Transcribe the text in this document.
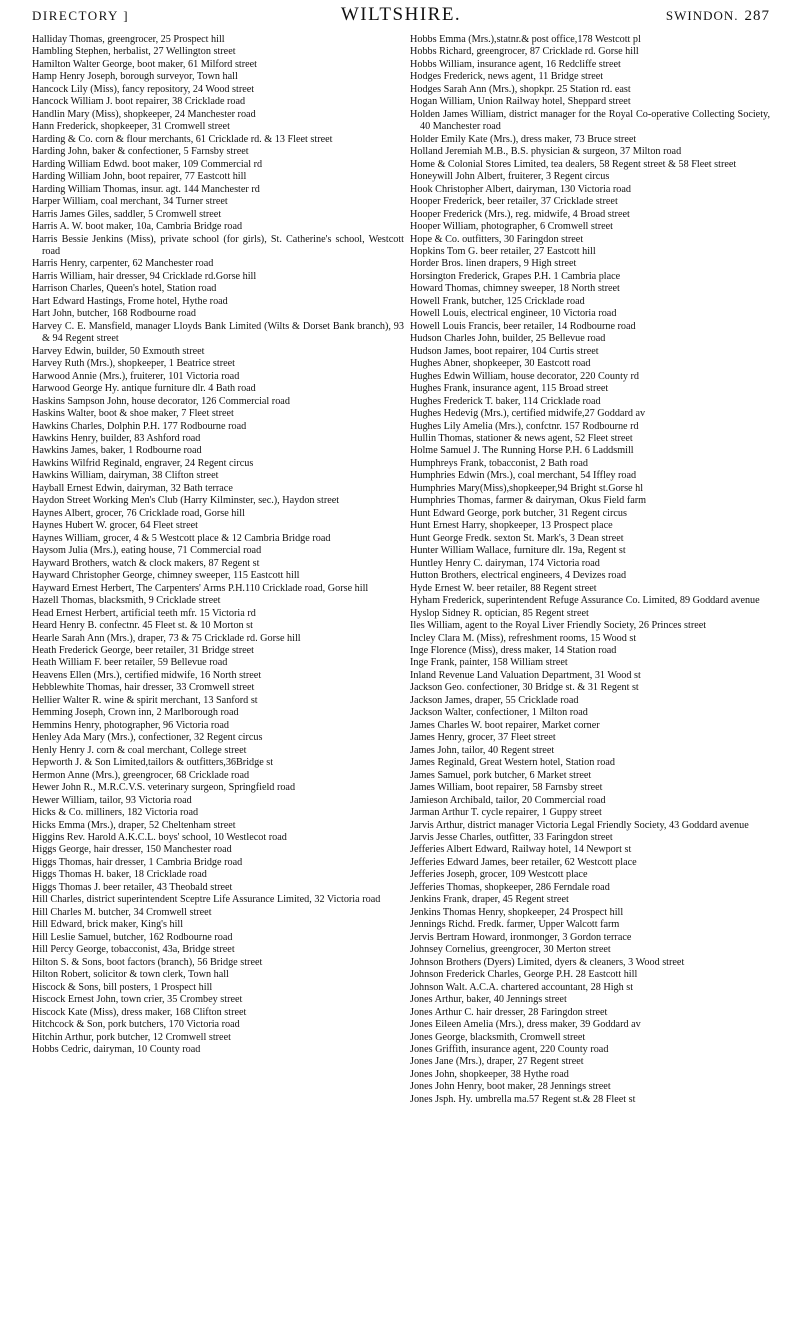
DIRECTORY ]	WILTSHIRE.	SWINDON. 287
Halliday Thomas, greengrocer, 25 Prospect hill
Hambling Stephen, herbalist, 27 Wellington street
Hamilton Walter George, boot maker, 61 Milford street
Hamp Henry Joseph, borough surveyor, Town hall
Hancock Lily (Miss), fancy repository, 24 Wood street
Hancock William J. boot repairer, 38 Cricklade road
Handlin Mary (Miss), shopkeeper, 24 Manchester road
Hann Frederick, shopkeeper, 31 Cromwell street
Harding & Co. corn & flour merchants, 61 Cricklade rd. & 13 Fleet street
Harding John, baker & confectioner, 5 Farnsby street
Harding William Edwd. boot maker, 109 Commercial rd
Harding William John, boot repairer, 77 Eastcott hill
Harding William Thomas, insur. agt. 144 Manchester rd
Harper William, coal merchant, 34 Turner street
Harris James Giles, saddler, 5 Cromwell street
Harris A. W. boot maker, 10a, Cambria Bridge road
Harris Bessie Jenkins (Miss), private school (for girls), St. Catherine's school, Westcott road
Harris Henry, carpenter, 62 Manchester road
Harris William, hair dresser, 94 Cricklade rd.Gorse hill
Harrison Charles, Queen's hotel, Station road
Hart Edward Hastings, Frome hotel, Hythe road
Hart John, butcher, 168 Rodbourne road
Harvey C. E. Mansfield, manager Lloyds Bank Limited (Wilts & Dorset Bank branch), 93 & 94 Regent street
Harvey Edwin, builder, 50 Exmouth street
Harvey Ruth (Mrs.), shopkeeper, 1 Beatrice street
Harwood Annie (Mrs.), fruiterer, 101 Victoria road
Harwood George Hy. antique furniture dlr. 4 Bath road
Haskins Sampson John, house decorator, 126 Commercial road
Haskins Walter, boot & shoe maker, 7 Fleet street
Hawkins Charles, Dolphin P.H. 177 Rodbourne road
Hawkins Henry, builder, 83 Ashford road
Hawkins James, baker, 1 Rodbourne road
Hawkins Wilfrid Reginald, engraver, 24 Regent circus
Hawkins William, dairyman, 38 Clifton street
Hayball Ernest Edwin, dairyman, 32 Bath terrace
Haydon Street Working Men's Club (Harry Kilminster, sec.), Haydon street
Haynes Albert, grocer, 76 Cricklade road, Gorse hill
Haynes Hubert W. grocer, 64 Fleet street
Haynes William, grocer, 4 & 5 Westcott place & 12 Cambria Bridge road
Haysom Julia (Mrs.), eating house, 71 Commercial road
Hayward Brothers, watch & clock makers, 87 Regent st
Hayward Christopher George, chimney sweeper, 115 Eastcott hill
Hayward Ernest Herbert, The Carpenters' Arms P.H.110 Cricklade road, Gorse hill
Hazell Thomas, blacksmith, 9 Cricklade street
Head Ernest Herbert, artificial teeth mfr. 15 Victoria rd
Heard Henry B. confectnr. 45 Fleet st. & 10 Morton st
Hearle Sarah Ann (Mrs.), draper, 73 & 75 Cricklade rd. Gorse hill
Heath Frederick George, beer retailer, 31 Bridge street
Heath William F. beer retailer, 59 Bellevue road
Heavens Ellen (Mrs.), certified midwife, 16 North street
Hebblewhite Thomas, hair dresser, 33 Cromwell street
Hellier Walter R. wine & spirit merchant, 13 Sanford st
Hemming Joseph, Crown inn, 2 Marlborough road
Hemmins Henry, photographer, 96 Victoria road
Henley Ada Mary (Mrs.), confectioner, 32 Regent circus
Henly Henry J. corn & coal merchant, College street
Hepworth J. & Son Limited,tailors & outfitters,36Bridge st
Hermon Anne (Mrs.), greengrocer, 68 Cricklade road
Hewer John R., M.R.C.V.S. veterinary surgeon, Springfield road
Hewer William, tailor, 93 Victoria road
Hicks & Co. milliners, 182 Victoria road
Hicks Emma (Mrs.), draper, 52 Cheltenham street
Higgins Rev. Harold A.K.C.L. boys' school, 10 Westlecot road
Higgs George, hair dresser, 150 Manchester road
Higgs Thomas, hair dresser, 1 Cambria Bridge road
Higgs Thomas H. baker, 18 Cricklade road
Higgs Thomas J. beer retailer, 43 Theobald street
Hill Charles, district superintendent Sceptre Life Assurance Limited, 32 Victoria road
Hill Charles M. butcher, 34 Cromwell street
Hill Edward, brick maker, King's hill
Hill Leslie Samuel, butcher, 162 Rodbourne road
Hill Percy George, tobacconist, 43a, Bridge street
Hilton S. & Sons, boot factors (branch), 56 Bridge street
Hilton Robert, solicitor & town clerk, Town hall
Hiscock & Sons, bill posters, 1 Prospect hill
Hiscock Ernest John, town crier, 35 Crombey street
Hiscock Kate (Miss), dress maker, 168 Clifton street
Hitchcock & Son, pork butchers, 170 Victoria road
Hitchin Arthur, pork butcher, 12 Cromwell street
Hobbs Cedric, dairyman, 10 County road
Hobbs Emma (Mrs.),statnr.& post office,178 Westcott pl
Hobbs Richard, greengrocer, 87 Cricklade rd. Gorse hill
Hobbs William, insurance agent, 16 Redcliffe street
Hodges Frederick, news agent, 11 Bridge street
Hodges Sarah Ann (Mrs.), shopkpr. 25 Station rd. east
Hogan William, Union Railway hotel, Sheppard street
Holden James William, district manager for the Royal Co-operative Collecting Society, 40 Manchester road
Holder Emily Kate (Mrs.), dress maker, 73 Bruce street
Holland Jeremiah M.B., B.S. physician & surgeon, 37 Milton road
Home & Colonial Stores Limited, tea dealers, 58 Regent street & 58 Fleet street
Honeywill John Albert, fruiterer, 3 Regent circus
Hook Christopher Albert, dairyman, 130 Victoria road
Hooper Frederick, beer retailer, 37 Cricklade street
Hooper Frederick (Mrs.), reg. midwife, 4 Broad street
Hooper William, photographer, 6 Cromwell street
Hope & Co. outfitters, 30 Faringdon street
Hopkins Tom G. beer retailer, 27 Eastcott hill
Horder Bros. linen drapers, 9 High street
Horsington Frederick, Grapes P.H. 1 Cambria place
Howard Thomas, chimney sweeper, 18 North street
Howell Frank, butcher, 125 Cricklade road
Howell Louis, electrical engineer, 10 Victoria road
Howell Louis Francis, beer retailer, 14 Rodbourne road
Hudson Charles John, builder, 25 Bellevue road
Hudson James, boot repairer, 104 Curtis street
Hughes Abner, shopkeeper, 30 Eastcott road
Hughes Edwin William, house decorator, 220 County rd
Hughes Frank, insurance agent, 115 Broad street
Hughes Frederick T. baker, 114 Cricklade road
Hughes Hedevig (Mrs.), certified midwife,27 Goddard av
Hughes Lily Amelia (Mrs.), confctnr. 157 Rodbourne rd
Hullin Thomas, stationer & news agent, 52 Fleet street
Holme Samuel J. The Running Horse P.H. 6 Laddsmill
Humphreys Frank, tobacconist, 2 Bath road
Humphries Edwin (Mrs.), coal merchant, 54 Iffley road
Humphries Mary(Miss),shopkeeper,94 Bright st.Gorse hl
Humphries Thomas, farmer & dairyman, Okus Field farm
Hunt Edward George, pork butcher, 31 Regent circus
Hunt Ernest Harry, shopkeeper, 13 Prospect place
Hunt George Fredk. sexton St. Mark's, 3 Dean street
Hunter William Wallace, furniture dlr. 19a, Regent st
Huntley Henry C. dairyman, 174 Victoria road
Hutton Brothers, electrical engineers, 4 Devizes road
Hyde Ernest W. beer retailer, 88 Regent street
Hyham Frederick, superintendent Refuge Assurance Co. Limited, 89 Goddard avenue
Hyslop Sidney R. optician, 85 Regent street
Iles William, agent to the Royal Liver Friendly Society, 26 Princes street
Incley Clara M. (Miss), refreshment rooms, 15 Wood st
Inge Florence (Miss), dress maker, 14 Station road
Inge Frank, painter, 158 William street
Inland Revenue Land Valuation Department, 31 Wood st
Jackson Geo. confectioner, 30 Bridge st. & 31 Regent st
Jackson James, draper, 55 Cricklade road
Jackson Walter, confectioner, 1 Milton road
James Charles W. boot repairer, Market corner
James Henry, grocer, 37 Fleet street
James John, tailor, 40 Regent street
James Reginald, Great Western hotel, Station road
James Samuel, pork butcher, 6 Market street
James William, boot repairer, 58 Farnsby street
Jamieson Archibald, tailor, 20 Commercial road
Jarman Arthur T. cycle repairer, 1 Guppy street
Jarvis Arthur, district manager Victoria Legal Friendly Society, 43 Goddard avenue
Jarvis Jesse Charles, outfitter, 33 Faringdon street
Jefferies Albert Edward, Railway hotel, 14 Newport st
Jefferies Edward James, beer retailer, 62 Westcott place
Jefferies Joseph, grocer, 109 Westcott place
Jefferies Thomas, shopkeeper, 286 Ferndale road
Jenkins Frank, draper, 45 Regent street
Jenkins Thomas Henry, shopkeeper, 24 Prospect hill
Jennings Richd. Fredk. farmer, Upper Walcott farm
Jervis Bertram Howard, ironmonger, 3 Gordon terrace
Johnsey Cornelius, greengrocer, 30 Merton street
Johnson Brothers (Dyers) Limited, dyers & cleaners, 3 Wood street
Johnson Frederick Charles, George P.H. 28 Eastcott hill
Johnson Walt. A.C.A. chartered accountant, 28 High st
Jones Arthur, baker, 40 Jennings street
Jones Arthur C. hair dresser, 28 Faringdon street
Jones Eileen Amelia (Mrs.), dress maker, 39 Goddard av
Jones George, blacksmith, Cromwell street
Jones Griffith, insurance agent, 220 County road
Jones Jane (Mrs.), draper, 27 Regent street
Jones John, shopkeeper, 38 Hythe road
Jones John Henry, boot maker, 28 Jennings street
Jones Jsph. Hy. umbrella ma.57 Regent st.& 28 Fleet st
